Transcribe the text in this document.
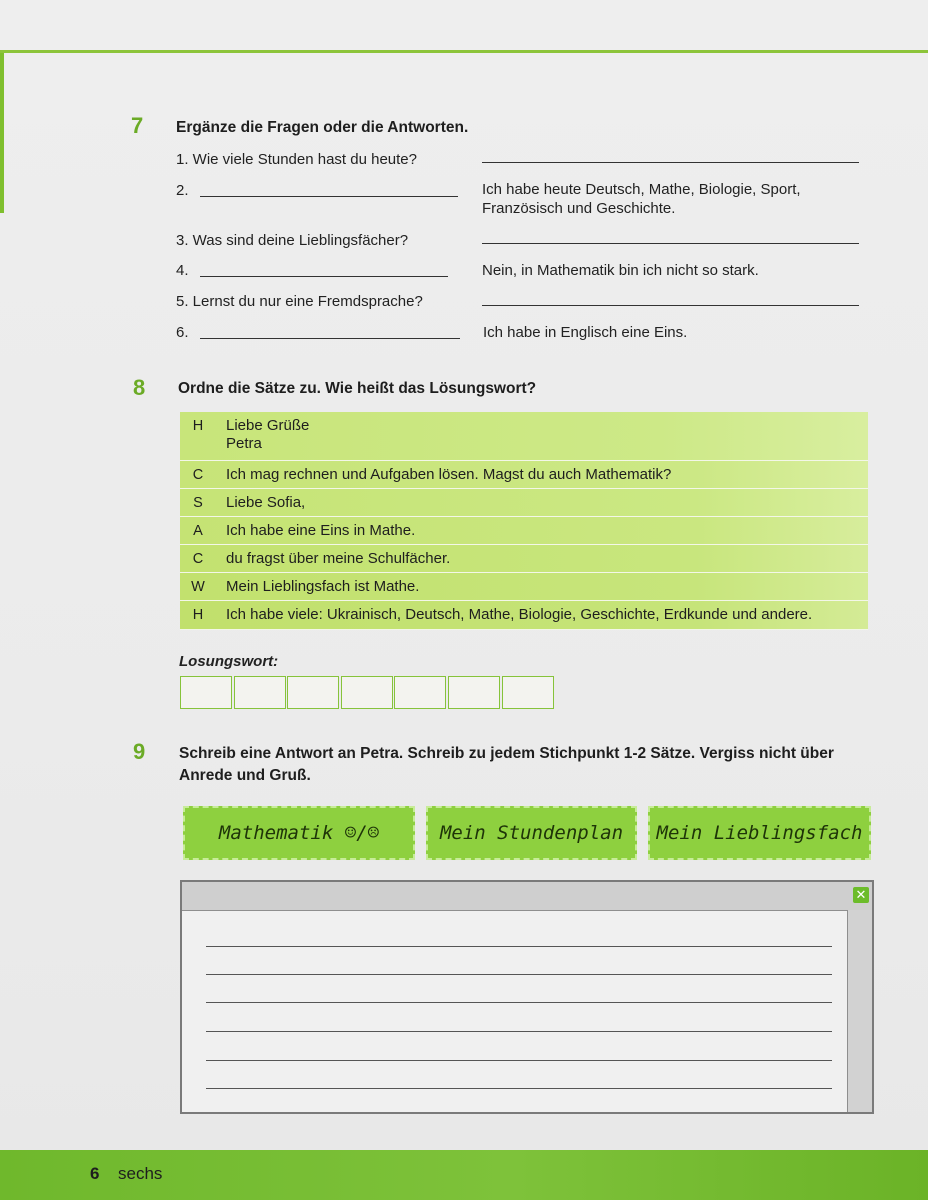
7 Ergänze die Fragen oder die Antworten.
1. Wie viele Stunden hast du heute?
2.	Ich habe heute Deutsch, Mathe, Biologie, Sport,
Französisch und Geschichte.
3. Was sind deine Lieblingsfächer?
4.	Nein, in Mathematik bin ich nicht so stark.
5. Lernst du nur eine Fremdsprache?
6.	Ich habe in Englisch eine Eins.
8 Ordne die Sätze zu. Wie heißt das Lösungswort?
H	Liebe Grüße
Petra
C	Ich mag rechnen und Aufgaben lösen. Magst du auch Mathematik?
S	Liebe Sofia,
A	Ich habe eine Eins in Mathe.
C	du fragst über meine Schulfächer.
W	Mein Lieblingsfach ist Mathe.
H	Ich habe viele: Ukrainisch, Deutsch, Mathe, Biologie, Geschichte, Erdkunde und andere.
Losungswort:
9 Schreib eine Antwort an Petra. Schreib zu jedem Stichpunkt 1-2 Sätze. Vergiss nicht über Anrede und Gruß.
Mathematik ☺/☹	Mein Stundenplan	Mein Lieblingsfach
✕
6 sechs
